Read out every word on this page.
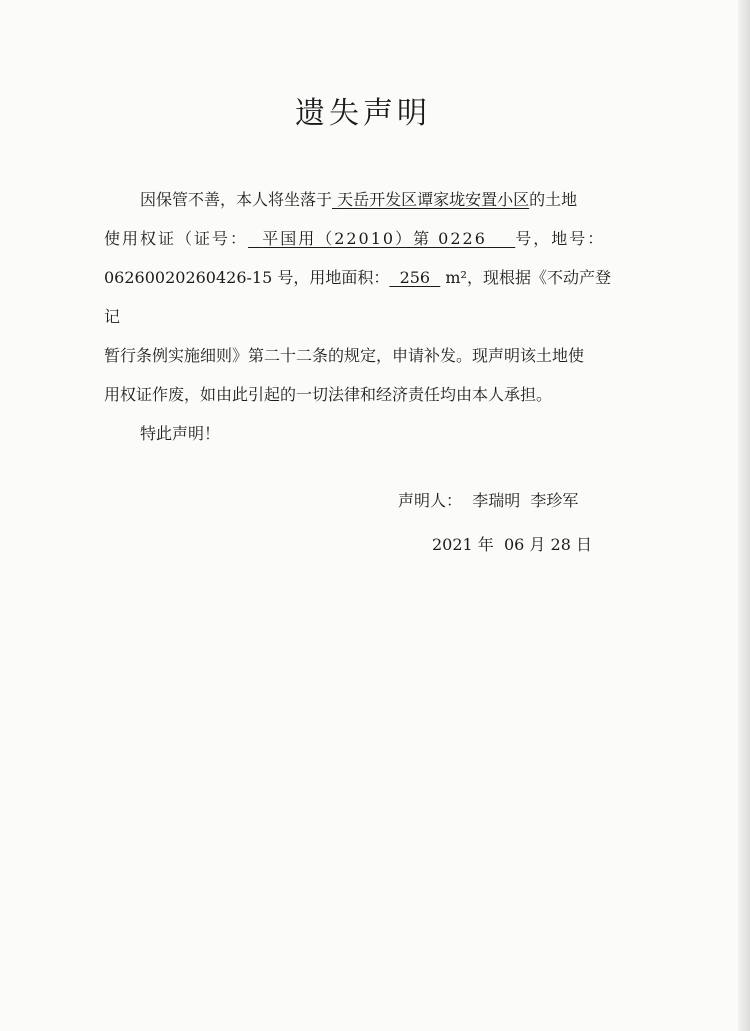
遗失声明

因保管不善，本人将坐落于 天岳开发区谭家垅安置小区的土地

使用权证（证号： 平国用（22010）第 0226 号，地号：

06260020260426-15 号，用地面积： 256 m²，现根据《不动产登记

暂行条例实施细则》第二十二条的规定，申请补发。现声明该土地使

用权证作废，如由此引起的一切法律和经济责任均由本人承担。

特此声明！

声明人： 李瑞明  李珍军
2021 年  06 月 28 日
